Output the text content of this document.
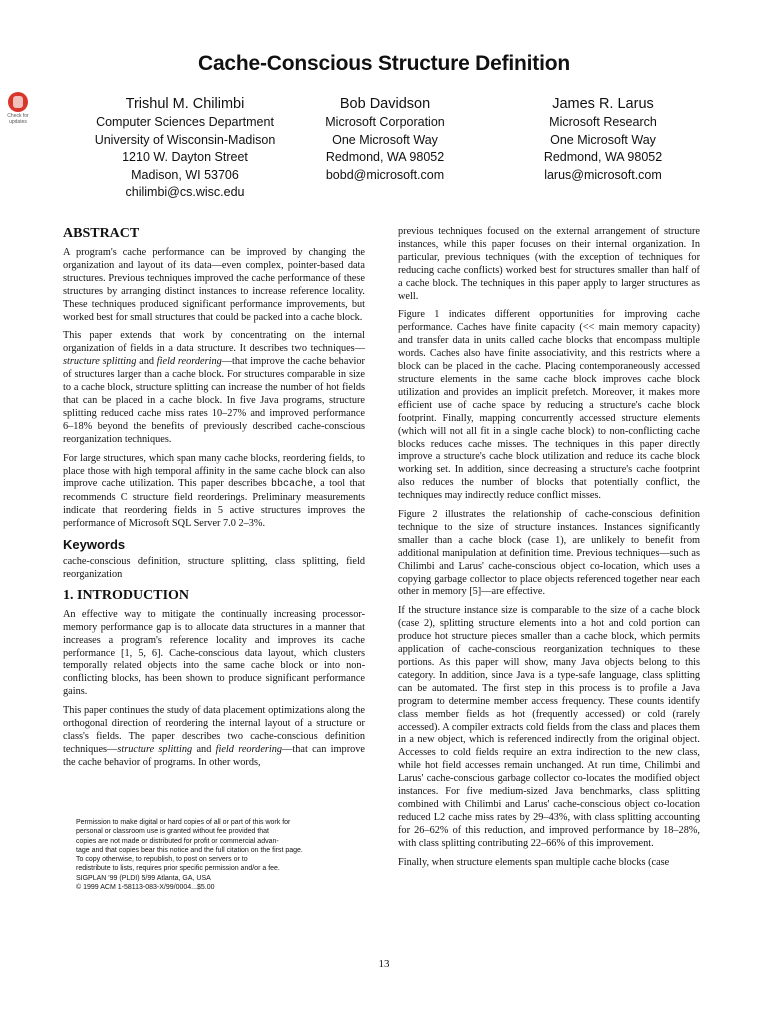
Cache-Conscious Structure Definition
Check for updates
Trishul M. Chilimbi
Computer Sciences Department
University of Wisconsin-Madison
1210 W. Dayton Street
Madison, WI 53706
chilimbi@cs.wisc.edu
Bob Davidson
Microsoft Corporation
One Microsoft Way
Redmond, WA 98052
bobd@microsoft.com
James R. Larus
Microsoft Research
One Microsoft Way
Redmond, WA 98052
larus@microsoft.com
ABSTRACT

A program's cache performance can be improved by changing the organization and layout of its data—even complex, pointer-based data structures. Previous techniques improved the cache performance of these structures by arranging distinct instances to increase reference locality. These techniques produced significant performance improvements, but worked best for small structures that could be packed into a cache block.

This paper extends that work by concentrating on the internal organization of fields in a data structure. It describes two techniques—structure splitting and field reordering—that improve the cache behavior of structures larger than a cache block. For structures comparable in size to a cache block, structure splitting can increase the number of hot fields that can be placed in a cache block. In five Java programs, structure splitting reduced cache miss rates 10–27% and improved performance 6–18% beyond the benefits of previously described cache-conscious reorganization techniques.

For large structures, which span many cache blocks, reordering fields, to place those with high temporal affinity in the same cache block can also improve cache utilization. This paper describes bbcache, a tool that recommends C structure field reorderings. Preliminary measurements indicate that reordering fields in 5 active structures improves the performance of Microsoft SQL Server 7.0 2–3%.

Keywords

cache-conscious definition, structure splitting, class splitting, field reorganization

1. INTRODUCTION

An effective way to mitigate the continually increasing processor-memory performance gap is to allocate data structures in a manner that increases a program's reference locality and improves its cache performance [1, 5, 6]. Cache-conscious data layout, which clusters temporally related objects into the same cache block or into non-conflicting blocks, has been shown to produce significant performance gains.

This paper continues the study of data placement optimizations along the orthogonal direction of reordering the internal layout of a structure or class's fields. The paper describes two cache-conscious definition techniques—structure splitting and field reordering—that can improve the cache behavior of programs. In other words,

Permission to make digital or hard copies of all or part of this work for
personal or classroom use is granted without fee provided that
copies are not made or distributed for profit or commercial advan-
tage and that copies bear this notice and the full citation on the first page.
To copy otherwise, to republish, to post on servers or to
redistribute to lists, requires prior specific permission and/or a fee.
SIGPLAN '99 (PLDI) 5/99 Atlanta, GA, USA
© 1999 ACM 1-58113-083-X/99/0004...$5.00

previous techniques focused on the external arrangement of structure instances, while this paper focuses on their internal organization. In particular, previous techniques (with the exception of techniques for reducing cache conflicts) worked best for structures smaller than half of a cache block. The techniques in this paper apply to larger structures as well.

Figure 1 indicates different opportunities for improving cache performance. Caches have finite capacity (<< main memory capacity) and transfer data in units called cache blocks that encompass multiple words. Caches also have finite associativity, and this restricts where a block can be placed in the cache. Placing contemporaneously accessed structure elements in the same cache block improves cache block utilization and provides an implicit prefetch. Moreover, it makes more efficient use of cache space by reducing a structure's cache block footprint. Finally, mapping concurrently accessed structure elements (which will not all fit in a single cache block) to non-conflicting cache blocks reduces cache misses. The techniques in this paper directly improve a structure's cache block utilization and reduce its cache block working set. In addition, since decreasing a structure's cache footprint also reduces the number of blocks that potentially conflict, the techniques may indirectly reduce conflict misses.

Figure 2 illustrates the relationship of cache-conscious definition technique to the size of structure instances. Instances significantly smaller than a cache block (case 1), are unlikely to benefit from additional manipulation at definition time. Previous techniques—such as Chilimbi and Larus' cache-conscious object co-location, which uses a copying garbage collector to place objects referenced together near each other in memory [5]—are effective.

If the structure instance size is comparable to the size of a cache block (case 2), splitting structure elements into a hot and cold portion can produce hot structure pieces smaller than a cache block, which permits application of cache-conscious reorganization techniques to these portions. As this paper will show, many Java objects belong to this category. In addition, since Java is a type-safe language, class splitting can be automated. The first step in this process is to profile a Java program to determine member access frequency. These counts identify class member fields as hot (frequently accessed) or cold (rarely accessed). A compiler extracts cold fields from the class and places them in a new object, which is referenced indirectly from the original object. Accesses to cold fields require an extra indirection to the new class, while hot field accesses remain unchanged. At run time, Chilimbi and Larus' cache-conscious garbage collector co-locates the modified object instances. For five medium-sized Java benchmarks, class splitting combined with Chilimbi and Larus' cache-conscious object co-location reduced L2 cache miss rates by 29–43%, with class splitting accounting for 26–62% of this reduction, and improved performance by 18–28%, with class splitting contributing 22–66% of this improvement.

Finally, when structure elements span multiple cache blocks (case

13
